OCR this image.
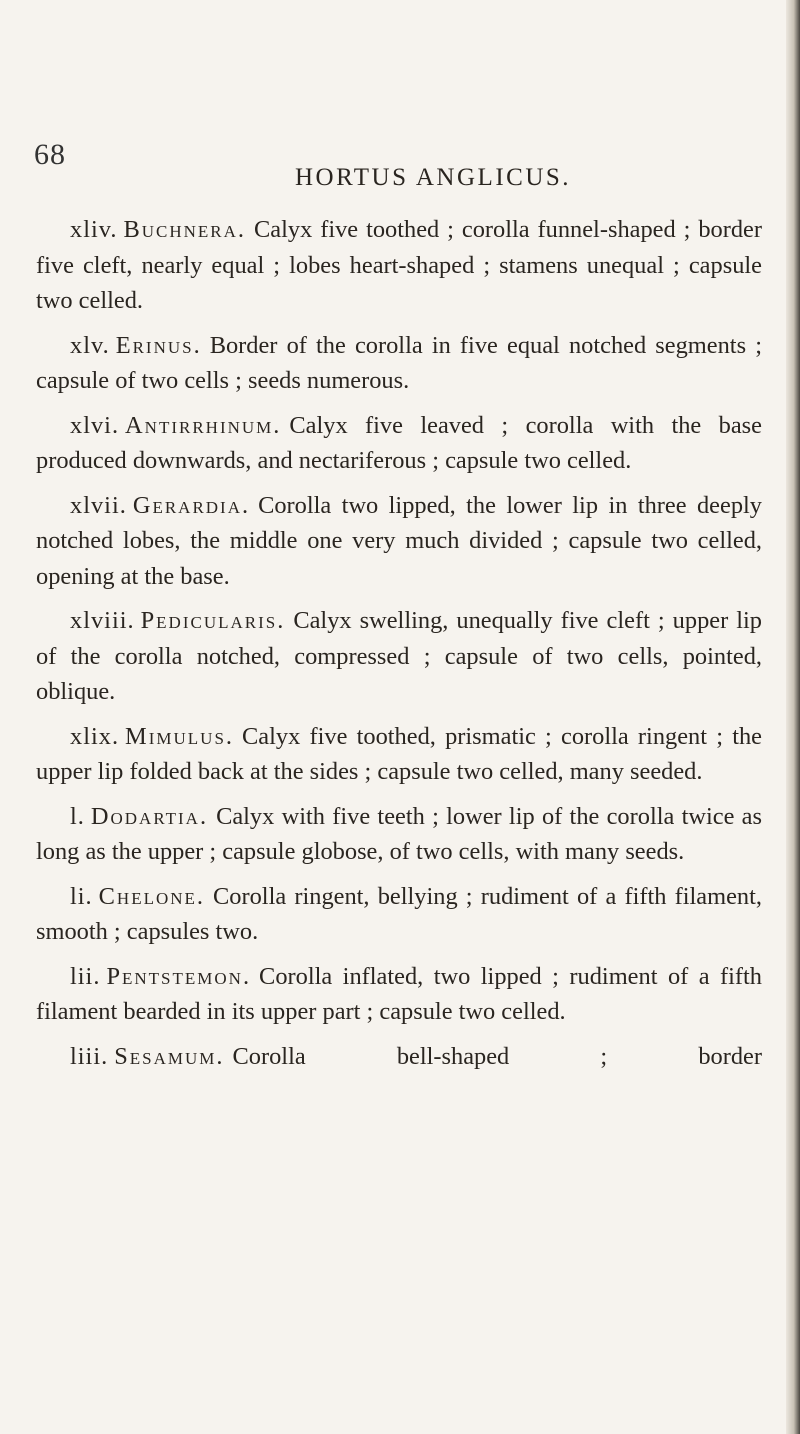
68
HORTUS ANGLICUS.

xliv. Buchnera. Calyx five toothed ; corolla funnel-shaped ; border five cleft, nearly equal ; lobes heart-shaped ; stamens unequal ; capsule two celled.

xlv. Erinus. Border of the corolla in five equal notched segments ; capsule of two cells ; seeds numerous.

xlvi. Antirrhinum. Calyx five leaved ; corolla with the base produced downwards, and nectariferous ; capsule two celled.

xlvii. Gerardia. Corolla two lipped, the lower lip in three deeply notched lobes, the middle one very much divided ; capsule two celled, opening at the base.

xlviii. Pedicularis. Calyx swelling, unequally five cleft ; upper lip of the corolla notched, compressed ; capsule of two cells, pointed, oblique.

xlix. Mimulus. Calyx five toothed, prismatic ; corolla ringent ; the upper lip folded back at the sides ; capsule two celled, many seeded.

l. Dodartia. Calyx with five teeth ; lower lip of the corolla twice as long as the upper ; capsule globose, of two cells, with many seeds.

li. Chelone. Corolla ringent, bellying ; rudiment of a fifth filament, smooth ; capsules two.

lii. Pentstemon. Corolla inflated, two lipped ; rudiment of a fifth filament bearded in its upper part ; capsule two celled.

liii. Sesamum. Corolla bell-shaped ; border
